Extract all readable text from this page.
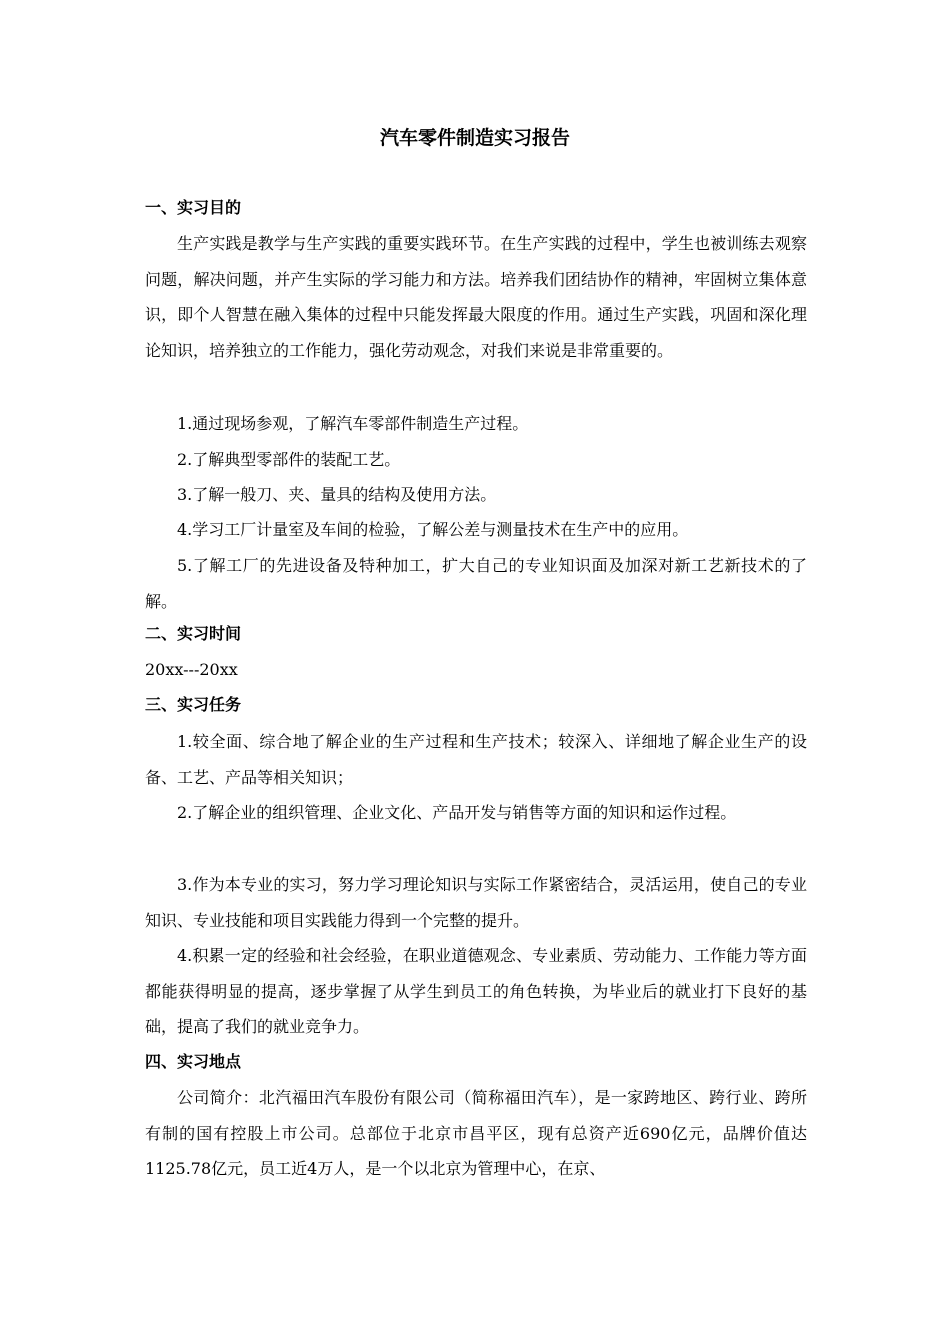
汽车零件制造实习报告
一、实习目的
生产实践是教学与生产实践的重要实践环节。在生产实践的过程中，学生也被训练去观察问题，解决问题，并产生实际的学习能力和方法。培养我们团结协作的精神，牢固树立集体意识，即个人智慧在融入集体的过程中只能发挥最大限度的作用。通过生产实践，巩固和深化理论知识，培养独立的工作能力，强化劳动观念，对我们来说是非常重要的。
1.通过现场参观，了解汽车零部件制造生产过程。
2.了解典型零部件的装配工艺。
3.了解一般刀、夹、量具的结构及使用方法。
4.学习工厂计量室及车间的检验，了解公差与测量技术在生产中的应用。
5.了解工厂的先进设备及特种加工，扩大自己的专业知识面及加深对新工艺新技术的了解。
二、实习时间
20xx---20xx
三、实习任务
1.较全面、综合地了解企业的生产过程和生产技术；较深入、详细地了解企业生产的设备、工艺、产品等相关知识；
2.了解企业的组织管理、企业文化、产品开发与销售等方面的知识和运作过程。
3.作为本专业的实习，努力学习理论知识与实际工作紧密结合，灵活运用，使自己的专业知识、专业技能和项目实践能力得到一个完整的提升。
4.积累一定的经验和社会经验，在职业道德观念、专业素质、劳动能力、工作能力等方面都能获得明显的提高，逐步掌握了从学生到员工的角色转换，为毕业后的就业打下良好的基础，提高了我们的就业竞争力。
四、实习地点
公司简介：北汽福田汽车股份有限公司（简称福田汽车），是一家跨地区、跨行业、跨所有制的国有控股上市公司。总部位于北京市昌平区，现有总资产近690亿元，品牌价值达1125.78亿元，员工近4万人，是一个以北京为管理中心，在京、
